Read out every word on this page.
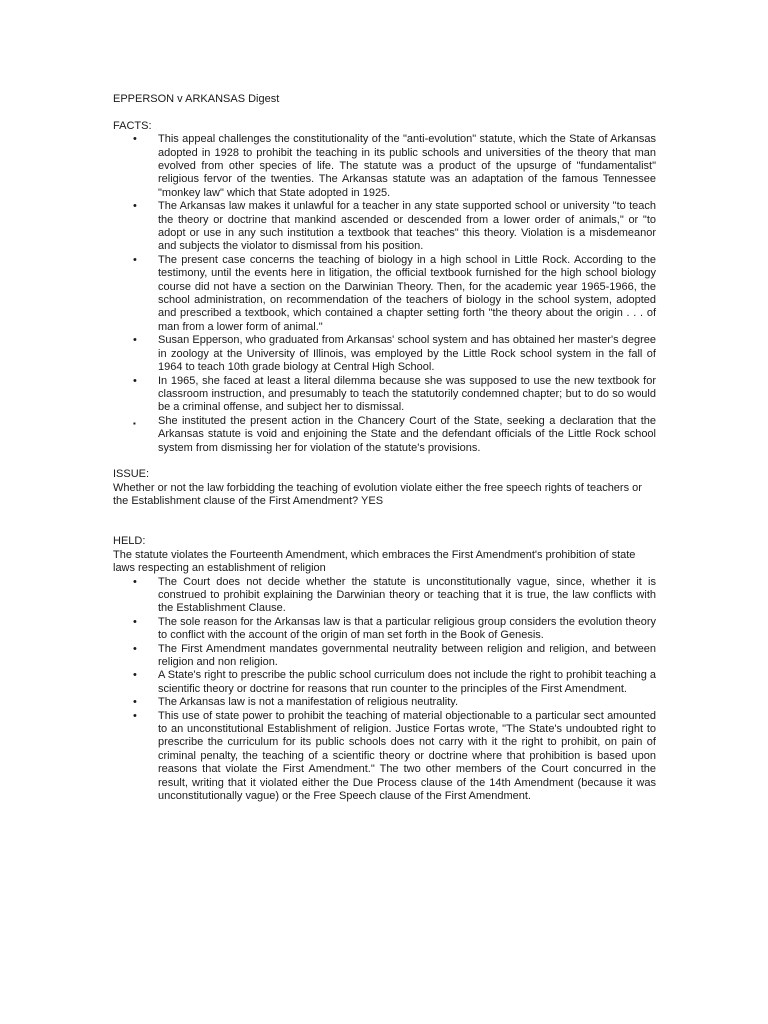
EPPERSON v ARKANSAS Digest

FACTS:

• This appeal challenges the constitutionality of the "anti-evolution" statute, which the State of Arkansas adopted in 1928 to prohibit the teaching in its public schools and universities of the theory that man evolved from other species of life. The statute was a product of the upsurge of "fundamentalist" religious fervor of the twenties. The Arkansas statute was an adaptation of the famous Tennessee "monkey law" which that State adopted in 1925.
• The Arkansas law makes it unlawful for a teacher in any state supported school or university "to teach the theory or doctrine that mankind ascended or descended from a lower order of animals," or "to adopt or use in any such institution a textbook that teaches" this theory. Violation is a misdemeanor and subjects the violator to dismissal from his position.
• The present case concerns the teaching of biology in a high school in Little Rock. According to the testimony, until the events here in litigation, the official textbook furnished for the high school biology course did not have a section on the Darwinian Theory. Then, for the academic year 1965-1966, the school administration, on recommendation of the teachers of biology in the school system, adopted and prescribed a textbook, which contained a chapter setting forth "the theory about the origin . . . of man from a lower form of animal."
• Susan Epperson, who graduated from Arkansas' school system and has obtained her master's degree in zoology at the University of Illinois, was employed by the Little Rock school system in the fall of 1964 to teach 10th grade biology at Central High School.
• In 1965, she faced at least a literal dilemma because she was supposed to use the new textbook for classroom instruction, and presumably to teach the statutorily condemned chapter; but to do so would be a criminal offense, and subject her to dismissal.
▪ She instituted the present action in the Chancery Court of the State, seeking a declaration that the Arkansas statute is void and enjoining the State and the defendant officials of the Little Rock school system from dismissing her for violation of the statute's provisions.

ISSUE:

Whether or not the law forbidding the teaching of evolution violate either the free speech rights of teachers or the Establishment clause of the First Amendment? YES

HELD:

The statute violates the Fourteenth Amendment, which embraces the First Amendment's prohibition of state laws respecting an establishment of religion

• The Court does not decide whether the statute is unconstitutionally vague, since, whether it is construed to prohibit explaining the Darwinian theory or teaching that it is true, the law conflicts with the Establishment Clause.
• The sole reason for the Arkansas law is that a particular religious group considers the evolution theory to conflict with the account of the origin of man set forth in the Book of Genesis.
• The First Amendment mandates governmental neutrality between religion and religion, and between religion and non religion.
• A State's right to prescribe the public school curriculum does not include the right to prohibit teaching a scientific theory or doctrine for reasons that run counter to the principles of the First Amendment.
• The Arkansas law is not a manifestation of religious neutrality.
• This use of state power to prohibit the teaching of material objectionable to a particular sect amounted to an unconstitutional Establishment of religion. Justice Fortas wrote, "The State's undoubted right to prescribe the curriculum for its public schools does not carry with it the right to prohibit, on pain of criminal penalty, the teaching of a scientific theory or doctrine where that prohibition is based upon reasons that violate the First Amendment." The two other members of the Court concurred in the result, writing that it violated either the Due Process clause of the 14th Amendment (because it was unconstitutionally vague) or the Free Speech clause of the First Amendment.
